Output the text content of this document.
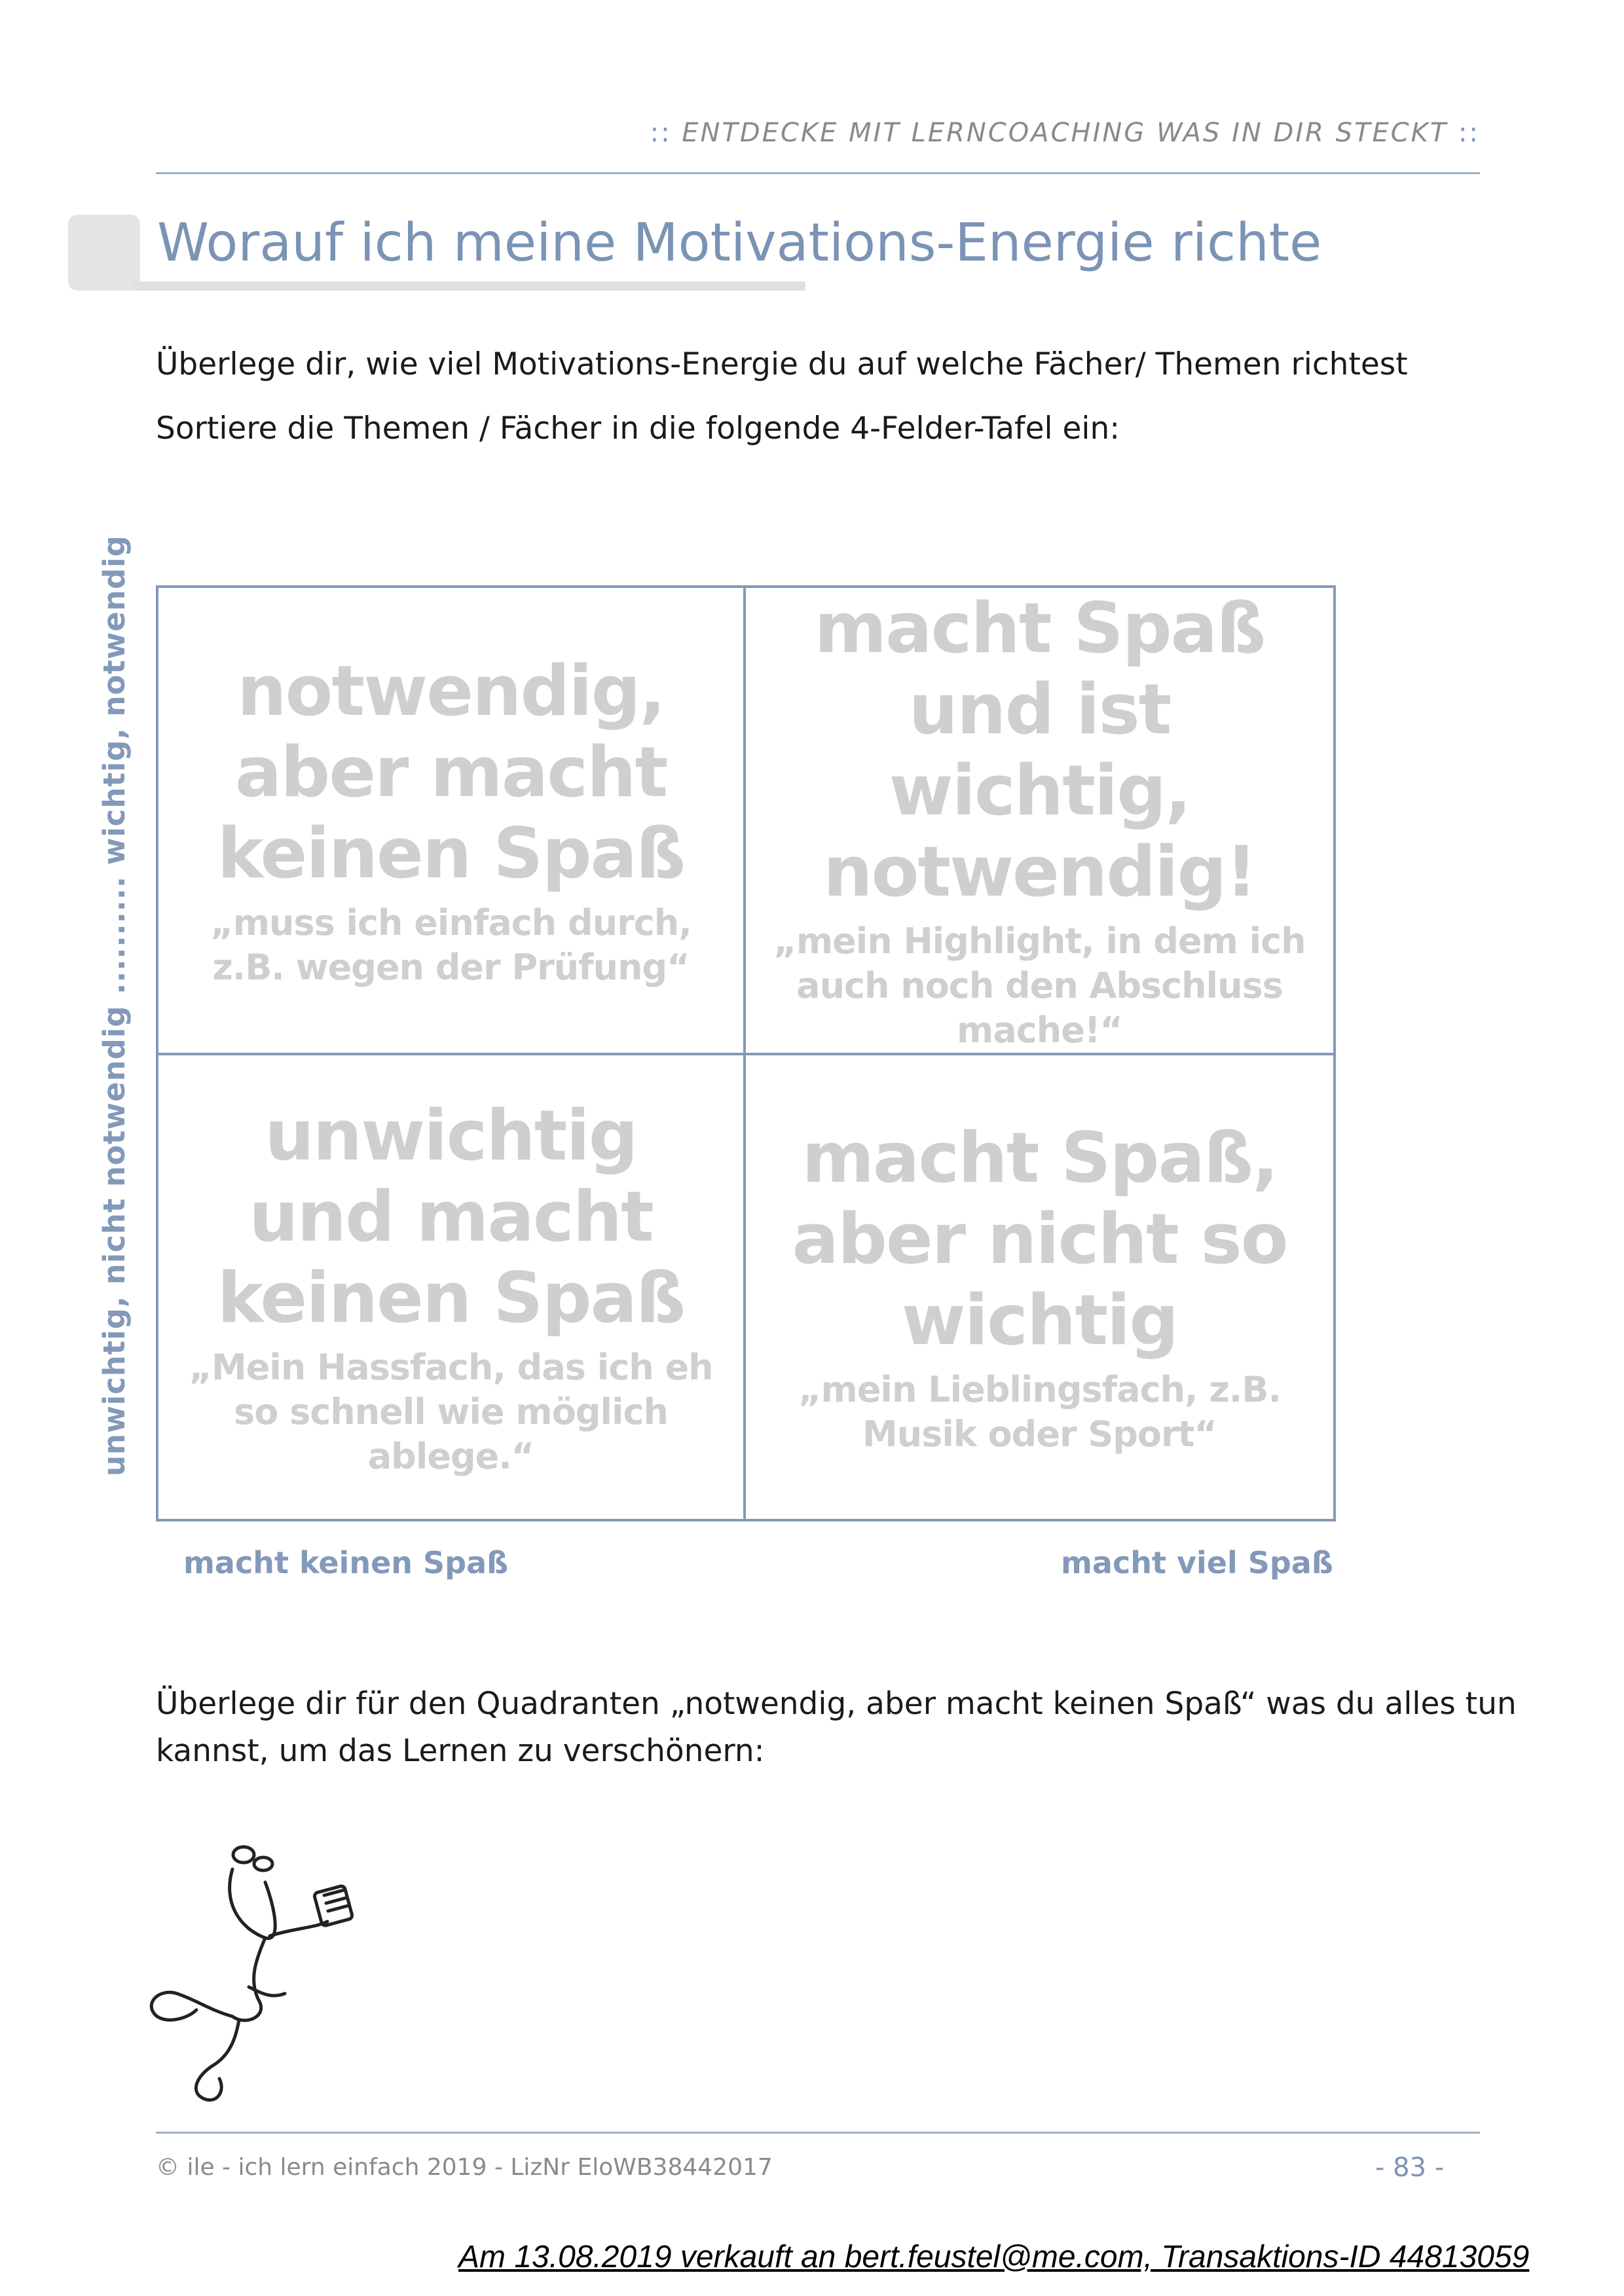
:: ENTDECKE MIT LERNCOACHING WAS IN DIR STECKT ::
Worauf ich meine Motivations-Energie richte
Überlege dir, wie viel Motivations-Energie du auf welche Fächer/ Themen richtest
Sortiere die Themen / Fächer in die folgende 4-Felder-Tafel ein:
unwichtig, nicht notwendig .......... wichtig, notwendig	notwendig, aber macht keinen Spaß
„muss ich einfach durch, z.B. wegen der Prüfung“
macht Spaß und ist wichtig, notwendig!
„mein Highlight, in dem ich auch noch den Abschluss mache!“
unwichtig und macht keinen Spaß
„Mein Hassfach, das ich eh so schnell wie möglich ablege.“
macht Spaß, aber nicht so wichtig
„mein Lieblingsfach, z.B. Musik oder Sport“
macht keinen Spaß	macht viel Spaß
Überlege dir für den Quadranten „notwendig, aber macht keinen Spaß“ was du alles tun
kannst, um das Lernen zu verschönern:
© ile - ich lern einfach 2019 - LizNr EloWB38442017	- 83 -
Am 13.08.2019 verkauft an bert.feustel@me.com, Transaktions-ID 44813059
